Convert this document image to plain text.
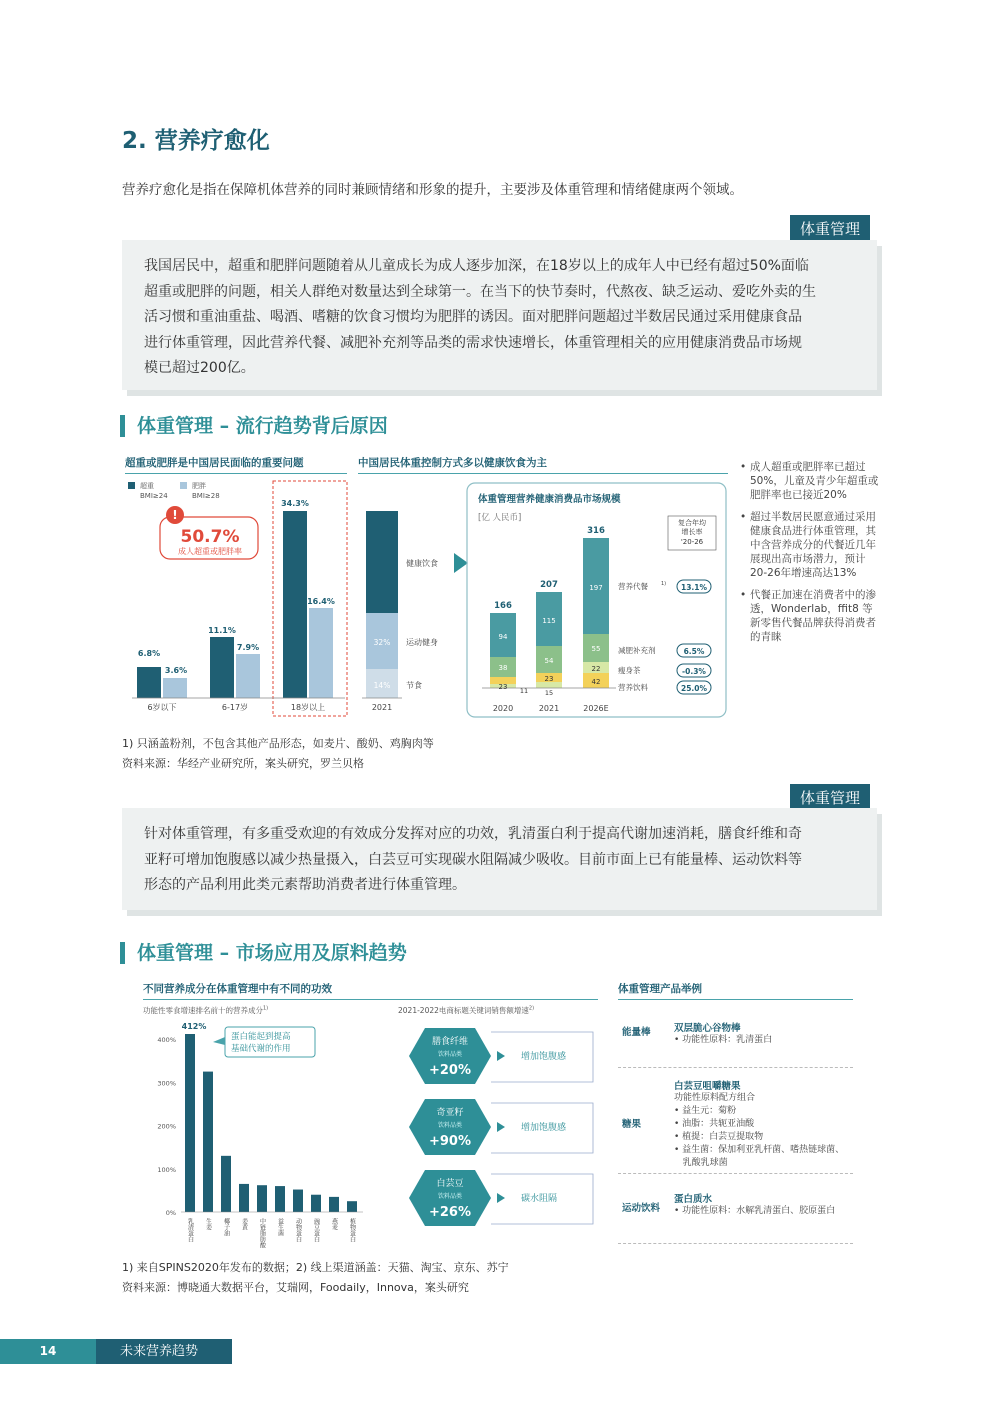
2. 营养疗愈化
营养疗愈化是指在保障机体营养的同时兼顾情绪和形象的提升，主要涉及体重管理和情绪健康两个领域。
体重管理
我国居民中，超重和肥胖问题随着从儿童成长为成人逐步加深，在18岁以上的成年人中已经有超过50%面临
超重或肥胖的问题，相关人群绝对数量达到全球第一。在当下的快节奏时，代熬夜、缺乏运动、爱吃外卖的生
活习惯和重油重盐、喝酒、嗜糖的饮食习惯均为肥胖的诱因。面对肥胖问题超过半数居民通过采用健康食品
进行体重管理，因此营养代餐、减肥补充剂等品类的需求快速增长，体重管理相关的应用健康消费品市场规
模已超过200亿。
体重管理 – 流行趋势背后原因
超重或肥胖是中国居民面临的重要问题	中国居民体重控制方式多以健康饮食为主
超重
BMI≥24
肥胖
BMI≥28
!
50.7%
成人超重或肥胖率
6.8%
3.6%
11.1%
7.9%
34.3%
16.4%
6岁以下	6-17岁	18岁以上
32%
14%
健康饮食
运动健身
节食
2021
体重管理营养健康消费品市场规模
[亿 人民币]	复合年均
增长率
'20-26
166
207
316
94
38
23 11
115
54
23
15
197
55
22
42
2020	2021	2026E
营养代餐	1)
减肥补充剂
瘦身茶
营养饮料
13.1%
6.5%
-0.3%
25.0%
• 成人超重或肥胖率已超过50%，儿童及青少年超重或肥胖率也已接近20%
• 超过半数居民愿意通过采用健康食品进行体重管理，其中含营养成分的代餐近几年展现出高市场潜力，预计20-26年增速高达13%
• 代餐正加速在消费者中的渗透，Wonderlab，ffit8 等新零售代餐品牌获得消费者的青睐
1) 只涵盖粉剂，不包含其他产品形态，如麦片、酸奶、鸡胸肉等
资料来源：华经产业研究所，案头研究，罗兰贝格
体重管理
针对体重管理，有多重受欢迎的有效成分发挥对应的功效，乳清蛋白利于提高代谢加速消耗，膳食纤维和奇
亚籽可增加饱腹感以减少热量摄入，白芸豆可实现碳水阻隔减少吸收。目前市面上已有能量棒、运动饮料等
形态的产品利用此类元素帮助消费者进行体重管理。
体重管理 – 市场应用及原料趋势
不同营养成分在体重管理中有不同的功效
功能性零食增速排名前十的营养成分$^{1)}$
400%
300%
200%
100%
0%
乳清蛋白 生姜 椰子油 姜黄 中链脂肪酸 益生菌 动物蛋白 豌豆蛋白 燕麦 植物蛋白
412%
蛋白能起到提高
基础代谢的作用
2021-2022电商标题关键词销售额增速$^{2)}$
膳食纤维
饮料品类
+20%
增加饱腹感
奇亚籽
饮料品类
+90%
增加饱腹感
白芸豆
饮料品类
+26%
碳水阻隔
体重管理产品举例
能量棒 双层脆心谷物棒
• 功能性原料：乳清蛋白
糖果
白芸豆咀嚼糖果
功能性原料配方组合
• 益生元：菊粉
• 油脂：共轭亚油酸
• 植提：白芸豆提取物
• 益生菌：保加利亚乳杆菌、嗜热链球菌、
乳酸乳球菌
运动饮料
蛋白质水
• 功能性原料：水解乳清蛋白、胶原蛋白
1) 来自SPINS2020年发布的数据；2) 线上渠道涵盖：天猫、淘宝、京东、苏宁
资料来源：博晓通大数据平台，艾瑞网，Foodaily，Innova，案头研究
14	未来营养趋势
